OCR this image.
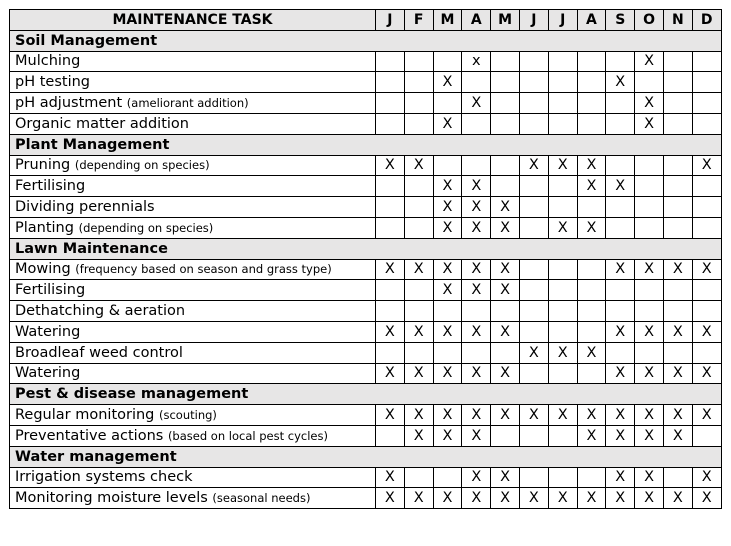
MAINTENANCE TASK	J	F	M	A	M	J	J	A	S	O	N	D
Soil Management												
Mulching				x						X		
pH testing			X						X			
pH adjustment (ameliorant addition)				X						X		
Organic matter addition			X							X		
Plant Management												
Pruning (depending on species)	X	X				X	X	X				X
Fertilising			X	X				X	X			
Dividing perennials			X	X	X							
Planting (depending on species)			X	X	X		X	X				
Lawn Maintenance												
Mowing (frequency based on season and grass type)	X	X	X	X	X				X	X	X	X
Fertilising			X	X	X							
Dethatching & aeration												
Watering	X	X	X	X	X				X	X	X	X
Broadleaf weed control						X	X	X				
Watering	X	X	X	X	X				X	X	X	X
Pest & disease management												
Regular monitoring (scouting)	X	X	X	X	X	X	X	X	X	X	X	X
Preventative actions (based on local pest cycles)		X	X	X				X	X	X	X	
Water management												
Irrigation systems check	X			X	X				X	X		X
Monitoring moisture levels (seasonal needs)	X	X	X	X	X	X	X	X	X	X	X	X
